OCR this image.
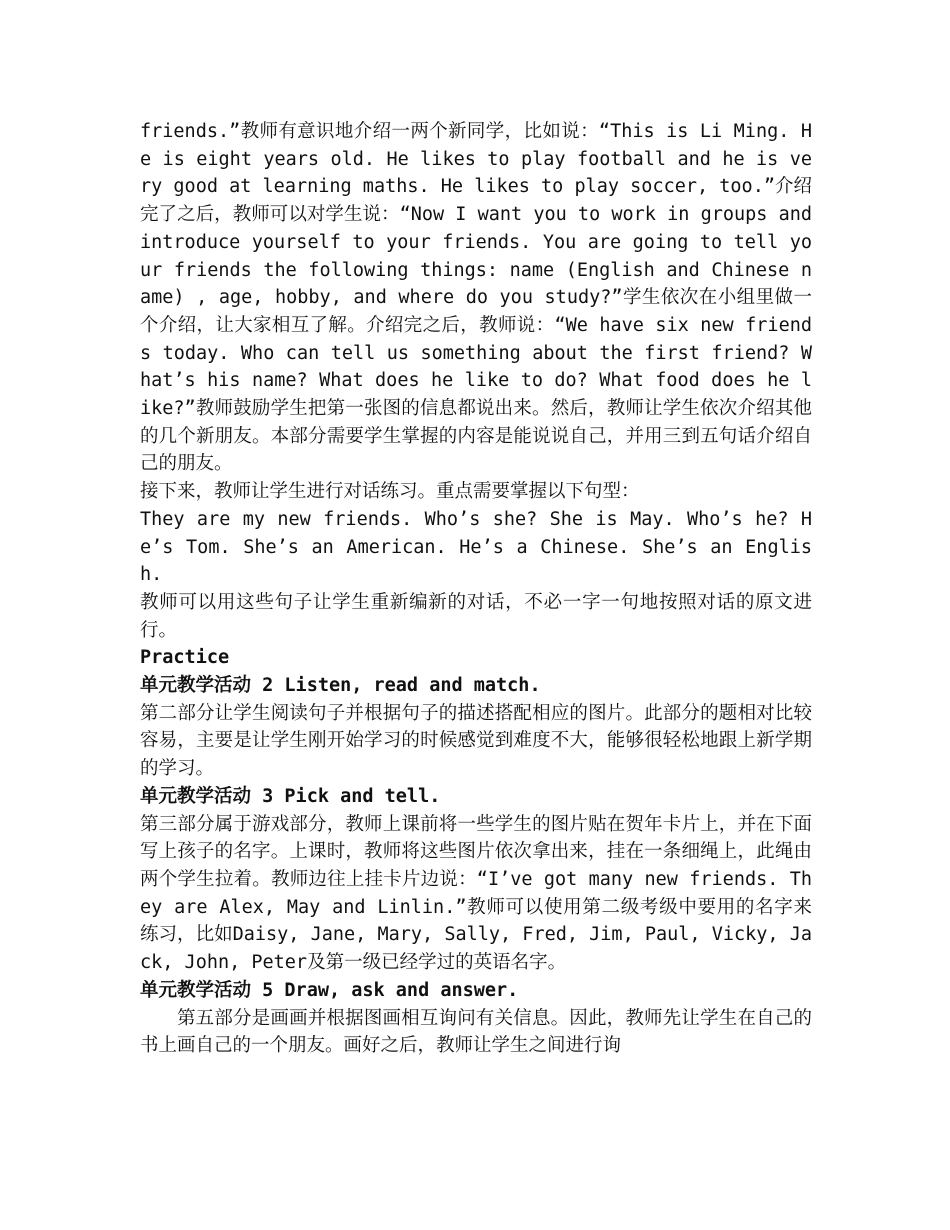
friends.”教师有意识地介绍一两个新同学，比如说：“This is Li Ming. He is eight years old. He likes to play football and he is very good at learning maths. He likes to play soccer, too.”介绍完了之后，教师可以对学生说：“Now I want you to work in groups and introduce yourself to your friends. You are going to tell your friends the following things: name (English and Chinese name) , age, hobby, and where do you study?”学生依次在小组里做一个介绍，让大家相互了解。介绍完之后，教师说：“We have six new friends today. Who can tell us something about the first friend? What’s his name? What does he like to do? What food does he like?”教师鼓励学生把第一张图的信息都说出来。然后，教师让学生依次介绍其他的几个新朋友。本部分需要学生掌握的内容是能说说自己，并用三到五句话介绍自己的朋友。

接下来，教师让学生进行对话练习。重点需要掌握以下句型：

They are my new friends. Who’s she? She is May. Who’s he? He’s Tom. She’s an American. He’s a Chinese. She’s an English.

教师可以用这些句子让学生重新编新的对话，不必一字一句地按照对话的原文进行。

Practice

单元教学活动 2 Listen, read and match.

第二部分让学生阅读句子并根据句子的描述搭配相应的图片。此部分的题相对比较容易，主要是让学生刚开始学习的时候感觉到难度不大，能够很轻松地跟上新学期的学习。

单元教学活动 3 Pick and tell.

第三部分属于游戏部分，教师上课前将一些学生的图片贴在贺年卡片上，并在下面写上孩子的名字。上课时，教师将这些图片依次拿出来，挂在一条细绳上，此绳由两个学生拉着。教师边往上挂卡片边说：“I’ve got many new friends. They are Alex, May and Linlin.”教师可以使用第二级考级中要用的名字来练习，比如Daisy, Jane, Mary, Sally, Fred, Jim, Paul, Vicky, Jack, John, Peter及第一级已经学过的英语名字。

单元教学活动 5 Draw, ask and answer.

第五部分是画画并根据图画相互询问有关信息。因此，教师先让学生在自己的书上画自己的一个朋友。画好之后，教师让学生之间进行询
